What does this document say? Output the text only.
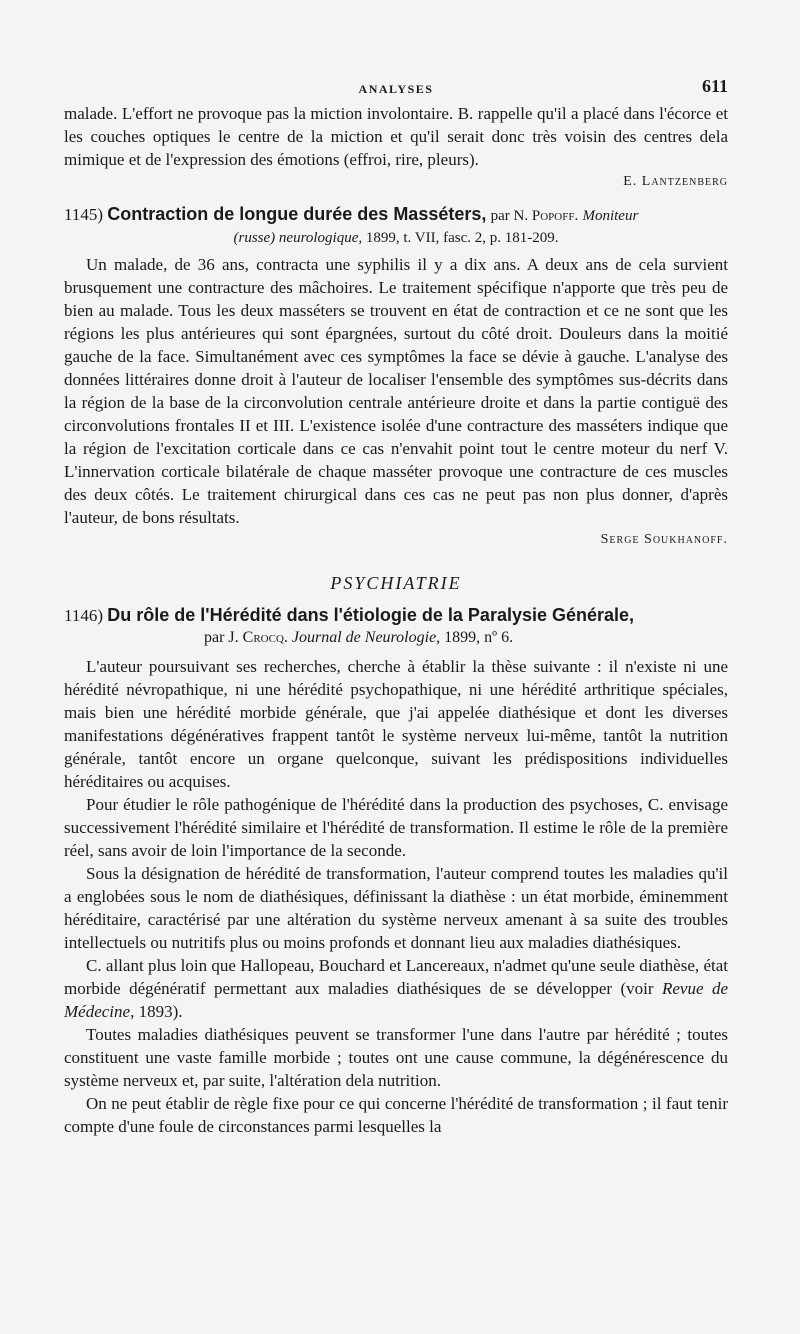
ANALYSES	611

malade. L'effort ne provoque pas la miction involontaire. B. rappelle qu'il a placé dans l'écorce et les couches optiques le centre de la miction et qu'il serait donc très voisin des centres dela mimique et de l'expression des émotions (effroi, rire, pleurs).

E. Lantzenberg

1145) Contraction de longue durée des Masséters, par N. Popoff. Moniteur
(russe) neurologique, 1899, t. VII, fasc. 2, p. 181-209.

Un malade, de 36 ans, contracta une syphilis il y a dix ans. A deux ans de cela survient brusquement une contracture des mâchoires. Le traitement spécifique n'apporte que très peu de bien au malade. Tous les deux masséters se trouvent en état de contraction et ce ne sont que les régions les plus antérieures qui sont épargnées, surtout du côté droit. Douleurs dans la moitié gauche de la face. Simultanément avec ces symptômes la face se dévie à gauche. L'analyse des données littéraires donne droit à l'auteur de localiser l'ensemble des symptômes sus-décrits dans la région de la base de la circonvolution centrale antérieure droite et dans la partie contiguë des circonvolutions frontales II et III. L'existence isolée d'une contracture des masséters indique que la région de l'excitation corticale dans ce cas n'envahit point tout le centre moteur du nerf V. L'innervation corticale bilatérale de chaque masséter provoque une contracture de ces muscles des deux côtés. Le traitement chirurgical dans ces cas ne peut pas non plus donner, d'après l'auteur, de bons résultats.

Serge Soukhanoff.

PSYCHIATRIE
1146) Du rôle de l'Hérédité dans l'étiologie de la Paralysie Générale,
par J. Crocq. Journal de Neurologie, 1899, nº 6.

L'auteur poursuivant ses recherches, cherche à établir la thèse suivante : il n'existe ni une hérédité névropathique, ni une hérédité psychopathique, ni une hérédité arthritique spéciales, mais bien une hérédité morbide générale, que j'ai appelée diathésique et dont les diverses manifestations dégénératives frappent tantôt le système nerveux lui-même, tantôt la nutrition générale, tantôt encore un organe quelconque, suivant les prédispositions individuelles héréditaires ou acquises.

Pour étudier le rôle pathogénique de l'hérédité dans la production des psychoses, C. envisage successivement l'hérédité similaire et l'hérédité de transformation. Il estime le rôle de la première réel, sans avoir de loin l'importance de la seconde.

Sous la désignation de hérédité de transformation, l'auteur comprend toutes les maladies qu'il a englobées sous le nom de diathésiques, définissant la diathèse : un état morbide, éminemment héréditaire, caractérisé par une altération du système nerveux amenant à sa suite des troubles intellectuels ou nutritifs plus ou moins profonds et donnant lieu aux maladies diathésiques.

C. allant plus loin que Hallopeau, Bouchard et Lancereaux, n'admet qu'une seule diathèse, état morbide dégénératif permettant aux maladies diathésiques de se développer (voir Revue de Médecine, 1893).

Toutes maladies diathésiques peuvent se transformer l'une dans l'autre par hérédité ; toutes constituent une vaste famille morbide ; toutes ont une cause commune, la dégénérescence du système nerveux et, par suite, l'altération dela nutrition.

On ne peut établir de règle fixe pour ce qui concerne l'hérédité de transformation ; il faut tenir compte d'une foule de circonstances parmi lesquelles la
